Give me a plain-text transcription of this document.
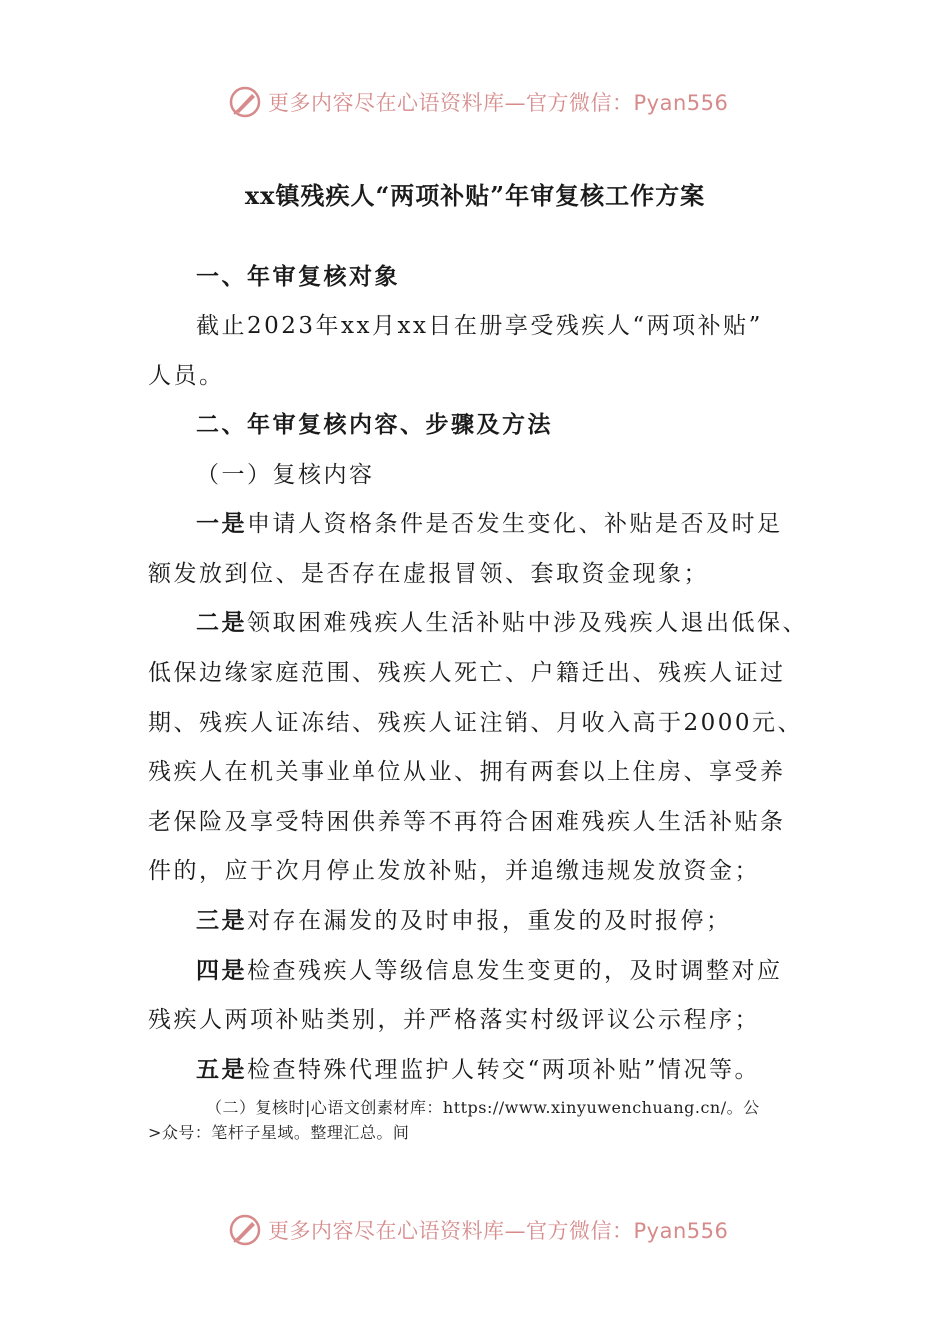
更多内容尽在心语资料库—官方微信：Pyan556
xx镇残疾人“两项补贴”年审复核工作方案
一、年审复核对象
截止2023年xx月xx日在册享受残疾人“两项补贴”
人员。
二、年审复核内容、步骤及方法
（一）复核内容
一是申请人资格条件是否发生变化、补贴是否及时足
额发放到位、是否存在虚报冒领、套取资金现象；
二是领取困难残疾人生活补贴中涉及残疾人退出低保、
低保边缘家庭范围、残疾人死亡、户籍迁出、残疾人证过
期、残疾人证冻结、残疾人证注销、月收入高于2000元、
残疾人在机关事业单位从业、拥有两套以上住房、享受养
老保险及享受特困供养等不再符合困难残疾人生活补贴条
件的，应于次月停止发放补贴，并追缴违规发放资金；
三是对存在漏发的及时申报，重发的及时报停；
四是检查残疾人等级信息发生变更的，及时调整对应
残疾人两项补贴类别，并严格落实村级评议公示程序；
五是检查特殊代理监护人转交“两项补贴”情况等。
（二）复核时|心语文创素材库：https://www.xinyuwenchuang.cn/。公
>众号：笔杆子星域。整理汇总。间
更多内容尽在心语资料库—官方微信：Pyan556
